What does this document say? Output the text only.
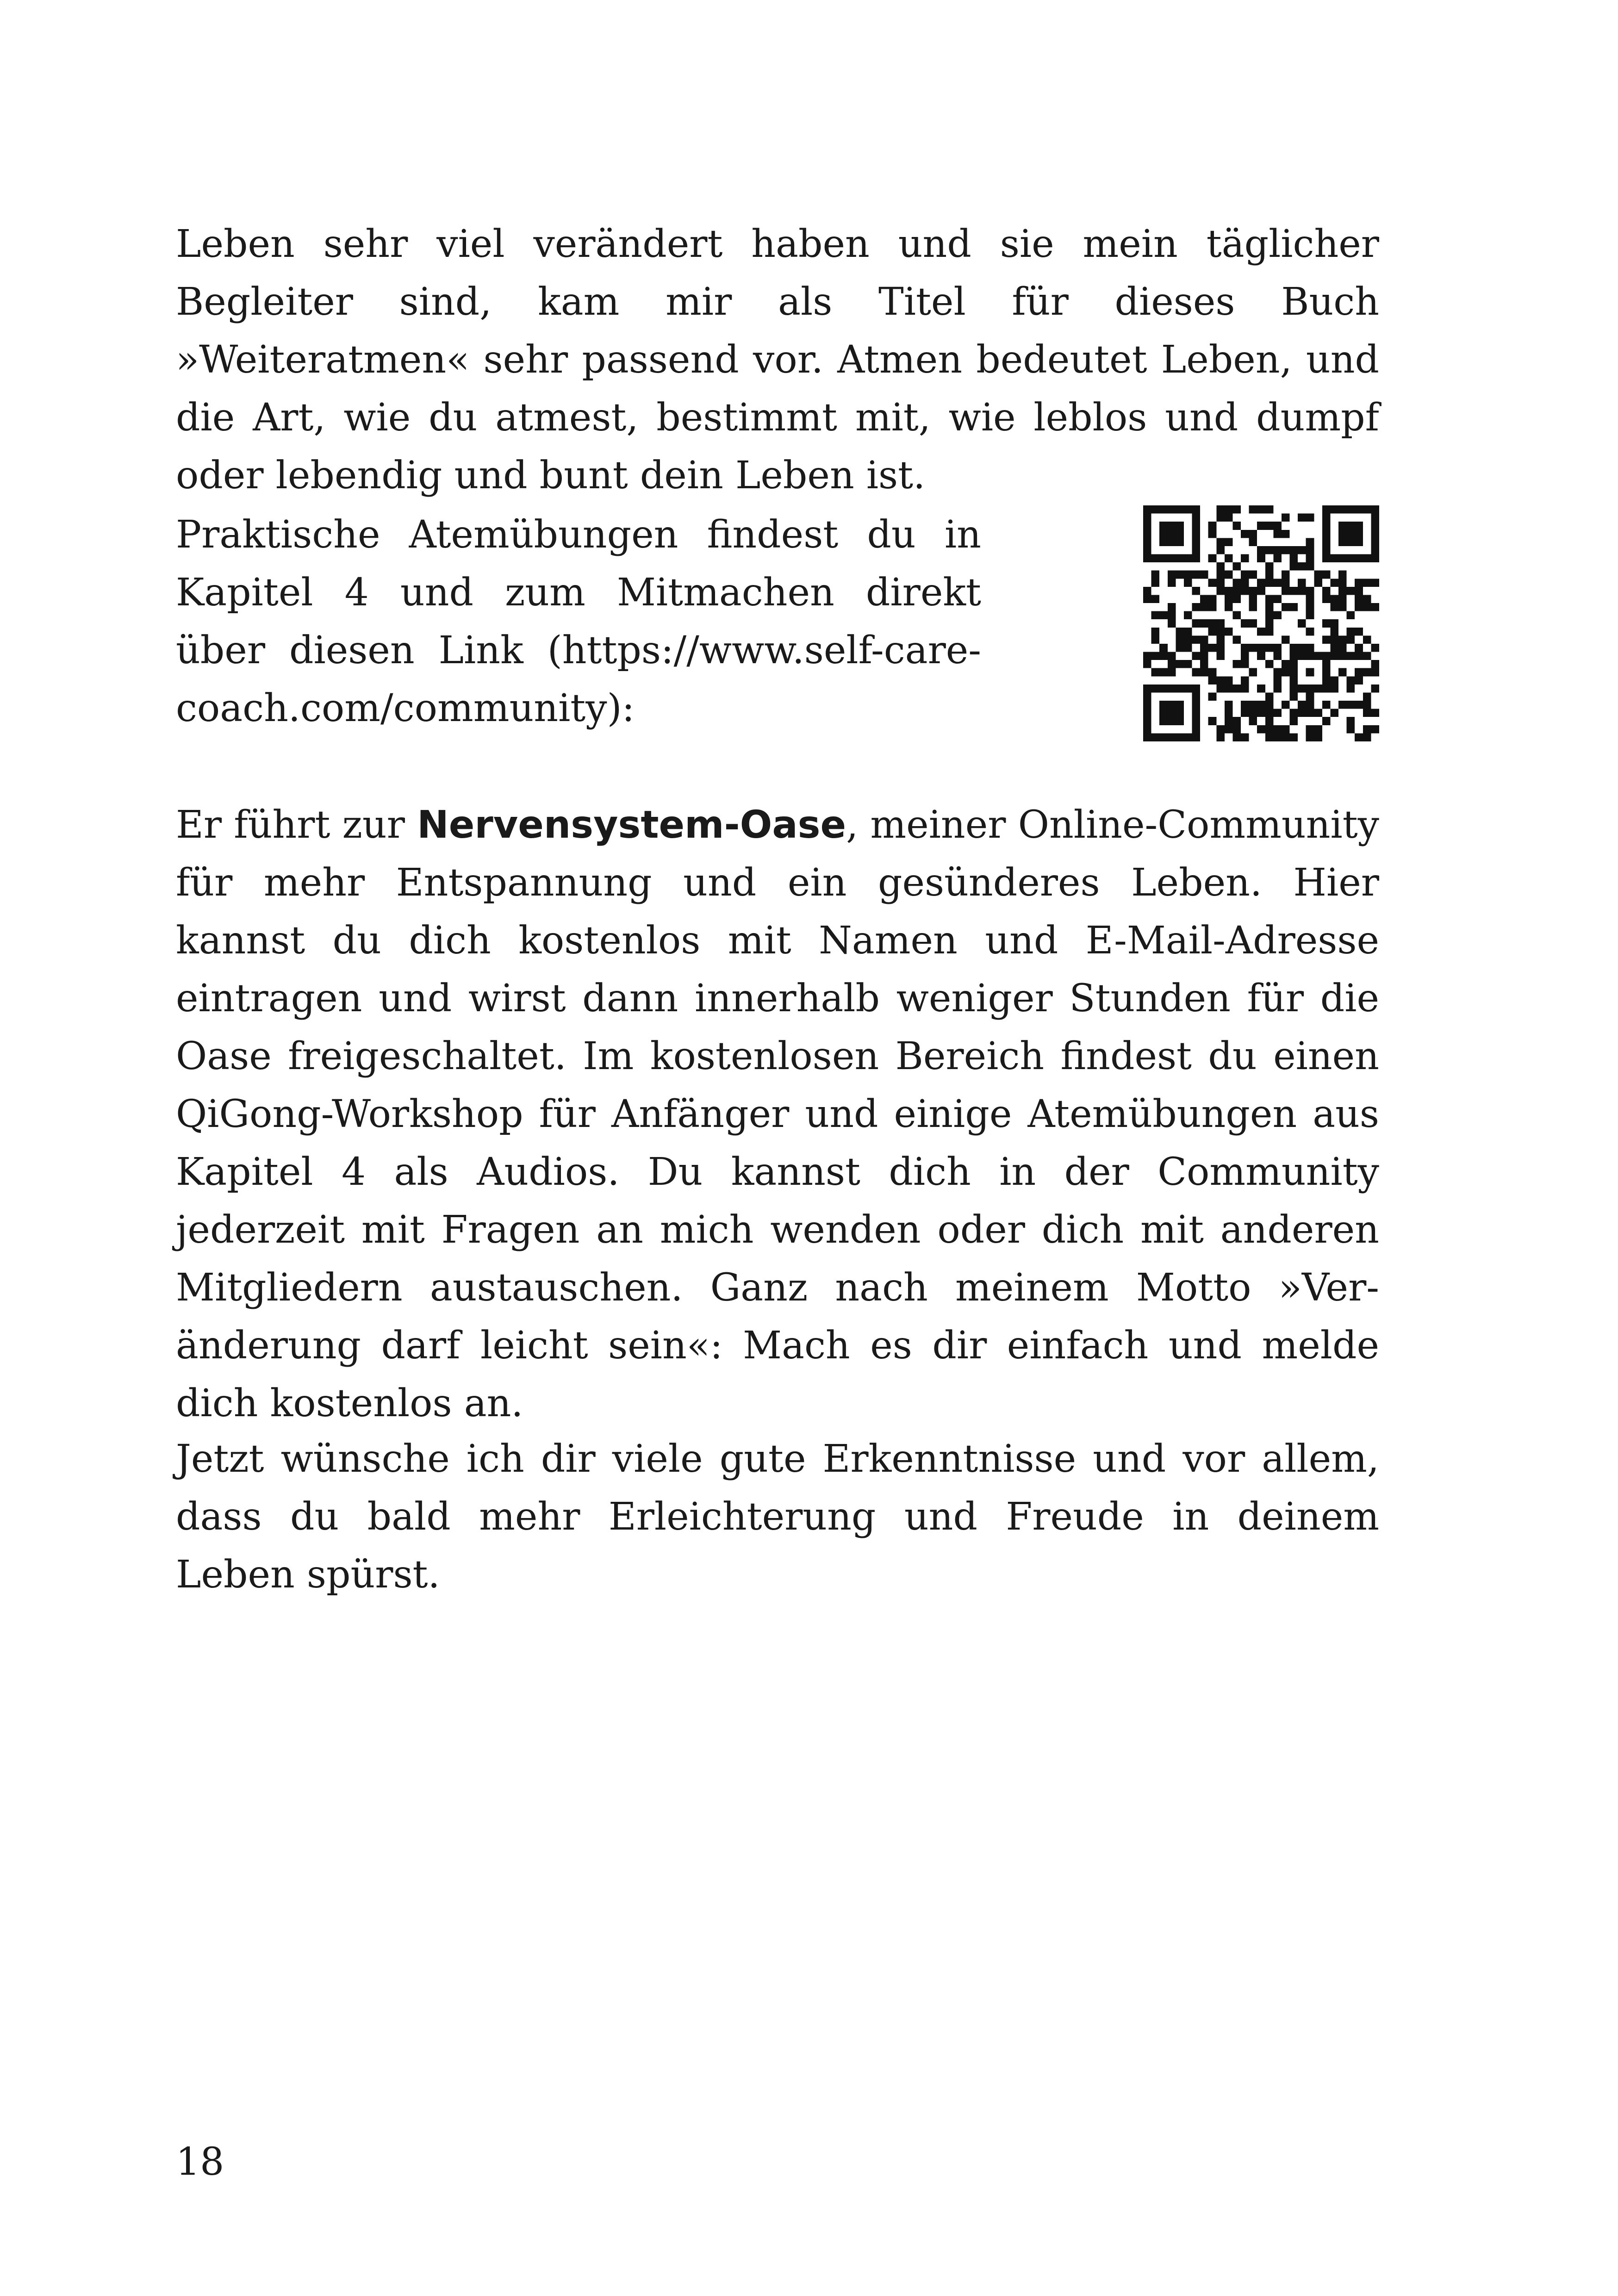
Leben sehr viel verändert haben und sie mein täglicher Begleiter sind, kam mir als Titel für dieses Buch »Weiteratmen« sehr passend vor. Atmen bedeutet Leben, und die Art, wie du atmest, bestimmt mit, wie leblos und dumpf oder lebendig und bunt dein Leben ist.

Praktische Atemübungen findest du in Kapitel 4 und zum Mitmachen direkt über diesen Link (https://www.self-care-coach.com/community):

Er führt zur Nervensystem-Oase, meiner Online-Community für mehr Entspannung und ein gesünderes Leben. Hier kannst du dich kostenlos mit Namen und E-Mail-Adresse eintragen und wirst dann innerhalb weniger Stunden für die Oase freigeschaltet. Im kostenlosen Bereich findest du einen QiGong-Workshop für Anfänger und einige Atemübungen aus Kapitel 4 als Audios. Du kannst dich in der Community jederzeit mit Fragen an mich wenden oder dich mit anderen Mitgliedern austauschen. Ganz nach meinem Motto »Veränderung darf leicht sein«: Mach es dir einfach und melde dich kostenlos an.

Jetzt wünsche ich dir viele gute Erkenntnisse und vor allem, dass du bald mehr Erleichterung und Freude in deinem Leben spürst.

18
